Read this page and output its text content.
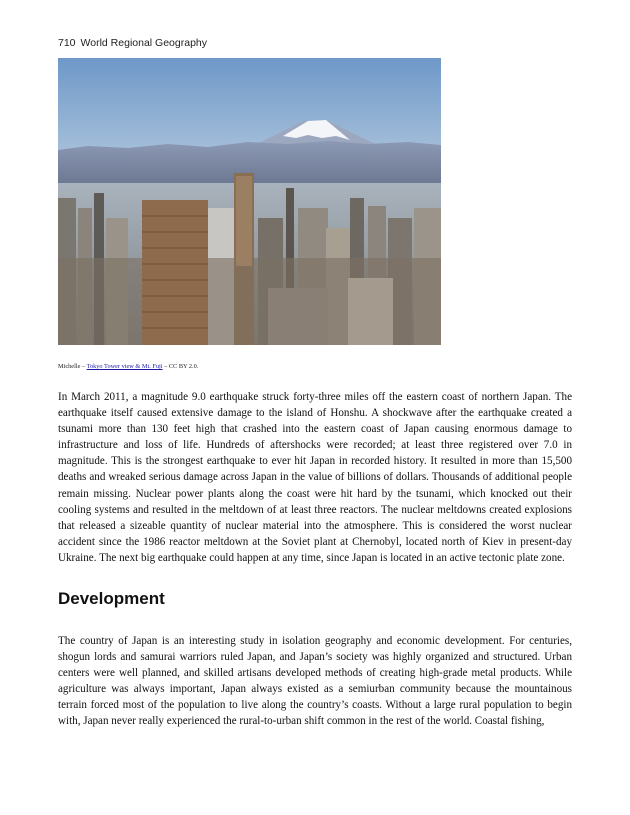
710 World Regional Geography
Michelle – Tokyo Tower view & Mt. Fuji – CC BY 2.0.

In March 2011, a magnitude 9.0 earthquake struck forty-three miles off the eastern coast of northern Japan. The earthquake itself caused extensive damage to the island of Honshu. A shockwave after the earthquake created a tsunami more than 130 feet high that crashed into the eastern coast of Japan causing enormous damage to infrastructure and loss of life. Hundreds of aftershocks were recorded; at least three registered over 7.0 in magnitude. This is the strongest earthquake to ever hit Japan in recorded history. It resulted in more than 15,500 deaths and wreaked serious damage across Japan in the value of billions of dollars. Thousands of additional people remain missing. Nuclear power plants along the coast were hit hard by the tsunami, which knocked out their cooling systems and resulted in the meltdown of at least three reactors. The nuclear meltdowns created explosions that released a sizeable quantity of nuclear material into the atmosphere. This is considered the worst nuclear accident since the 1986 reactor meltdown at the Soviet plant at Chernobyl, located north of Kiev in present-day Ukraine. The next big earthquake could happen at any time, since Japan is located in an active tectonic plate zone.

Development

The country of Japan is an interesting study in isolation geography and economic development. For centuries, shogun lords and samurai warriors ruled Japan, and Japan’s society was highly organized and structured. Urban centers were well planned, and skilled artisans developed methods of creating high-grade metal products. While agriculture was always important, Japan always existed as a semiurban community because the mountainous terrain forced most of the population to live along the country’s coasts. Without a large rural population to begin with, Japan never really experienced the rural-to-urban shift common in the rest of the world. Coastal fishing,
